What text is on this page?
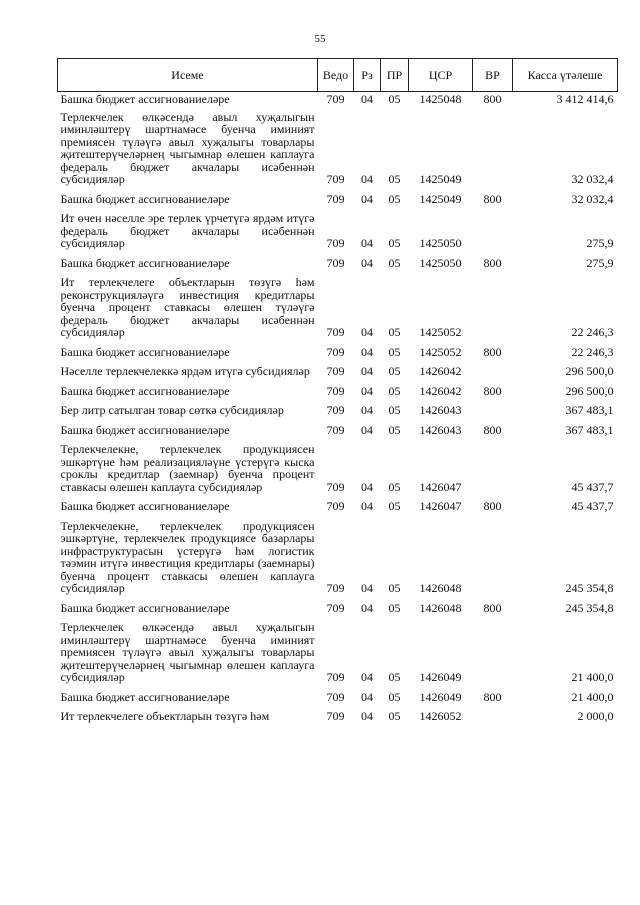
55
Исеме	Ведо	Рз	ПР	ЦСР	ВР	Касса үтәлеше
Башка бюджет ассигнованиеләре	709	04	05	1425048	800	3 412 414,6
Терлекчелек өлкәсендә авыл хуҗалыгын иминләштерү шартнамәсе буенча иминият премиясен түләүгә авыл хуҗалыгы товарлары җитештерүчеләрнең чыгымнар өлешен каплауга федераль бюджет акчалары исәбеннән субсидияләр	709	04	05	1425049		32 032,4
Башка бюджет ассигнованиеләре	709	04	05	1425049	800	32 032,4
Ит өчен нәселле эре терлек үрчетүгә ярдәм итүгә федераль бюджет акчалары исәбеннән субсидияләр	709	04	05	1425050		275,9
Башка бюджет ассигнованиеләре	709	04	05	1425050	800	275,9
Ит терлекчелеге объектларын төзүгә һәм реконструкцияләүгә инвестиция кредитлары буенча процент ставкасы өлешен түләүгә федераль бюджет акчалары исәбеннән субсидияләр	709	04	05	1425052		22 246,3
Башка бюджет ассигнованиеләре	709	04	05	1425052	800	22 246,3
Нәселле терлекчелеккә ярдәм итүгә субсидияләр	709	04	05	1426042		296 500,0
Башка бюджет ассигнованиеләре	709	04	05	1426042	800	296 500,0
Бер литр сатылган товар сөткә субсидияләр	709	04	05	1426043		367 483,1
Башка бюджет ассигнованиеләре	709	04	05	1426043	800	367 483,1
Терлекчелекне, терлекчелек продукциясен эшкәртүне һәм реализацияләүне үстерүгә кыска сроклы кредитлар (заемнар) буенча процент ставкасы өлешен каплауга субсидияләр	709	04	05	1426047		45 437,7
Башка бюджет ассигнованиеләре	709	04	05	1426047	800	45 437,7
Терлекчелекне, терлекчелек продукциясен эшкәртүне, терлекчелек продукциясе базарлары инфраструктурасын үстерүгә һәм логистик тәэмин итүгә инвестиция кредитлары (заемнары) буенча процент ставкасы өлешен каплауга субсидияләр	709	04	05	1426048		245 354,8
Башка бюджет ассигнованиеләре	709	04	05	1426048	800	245 354,8
Терлекчелек өлкәсендә авыл хуҗалыгын иминләштерү шартнамәсе буенча иминият премиясен түләүгә авыл хуҗалыгы товарлары җитештерүчеләрнең чыгымнар өлешен каплауга субсидияләр	709	04	05	1426049		21 400,0
Башка бюджет ассигнованиеләре	709	04	05	1426049	800	21 400,0
Ит терлекчелеге объектларын төзүгә һәм	709	04	05	1426052		2 000,0
